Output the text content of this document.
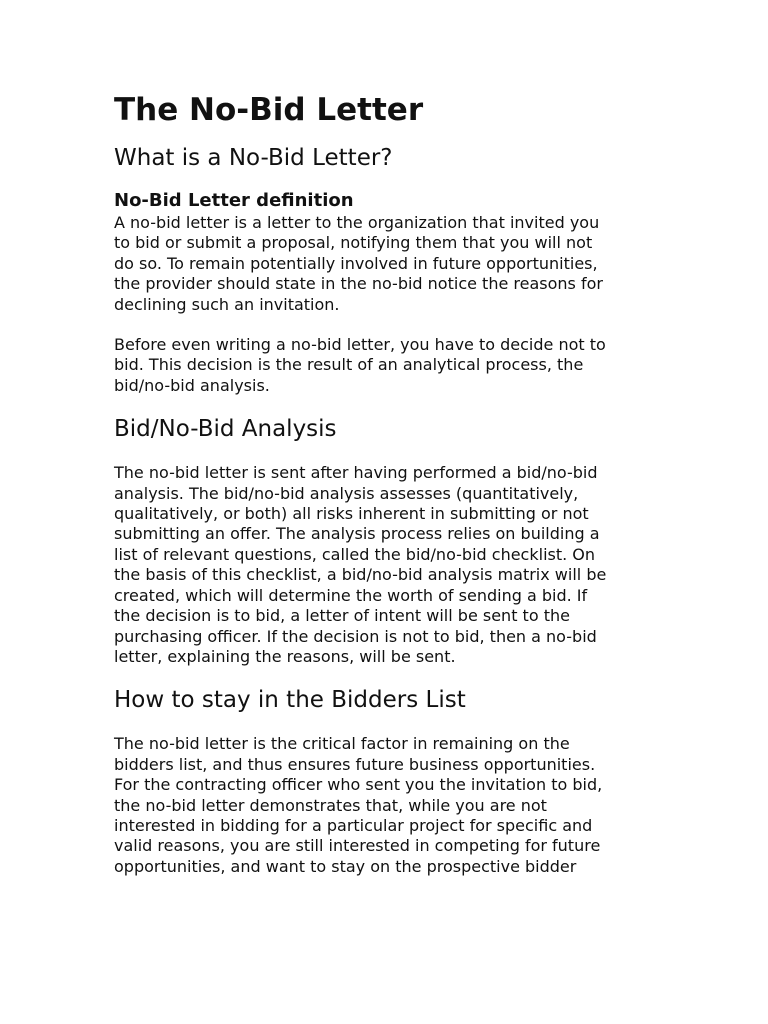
The No-Bid Letter
What is a No-Bid Letter?
No-Bid Letter definition

A no-bid letter is a letter to the organization that invited you
to bid or submit a proposal, notifying them that you will not
do so. To remain potentially involved in future opportunities,
the provider should state in the no-bid notice the reasons for
declining such an invitation.

Before even writing a no-bid letter, you have to decide not to
bid. This decision is the result of an analytical process, the
bid/no-bid analysis.

Bid/No-Bid Analysis

The no-bid letter is sent after having performed a bid/no-bid
analysis. The bid/no-bid analysis assesses (quantitatively,
qualitatively, or both) all risks inherent in submitting or not
submitting an offer. The analysis process relies on building a
list of relevant questions, called the bid/no-bid checklist. On
the basis of this checklist, a bid/no-bid analysis matrix will be
created, which will determine the worth of sending a bid. If
the decision is to bid, a letter of intent will be sent to the
purchasing officer. If the decision is not to bid, then a no-bid
letter, explaining the reasons, will be sent.

How to stay in the Bidders List

The no-bid letter is the critical factor in remaining on the
bidders list, and thus ensures future business opportunities.
For the contracting officer who sent you the invitation to bid,
the no-bid letter demonstrates that, while you are not
interested in bidding for a particular project for specific and
valid reasons, you are still interested in competing for future
opportunities, and want to stay on the prospective bidder
